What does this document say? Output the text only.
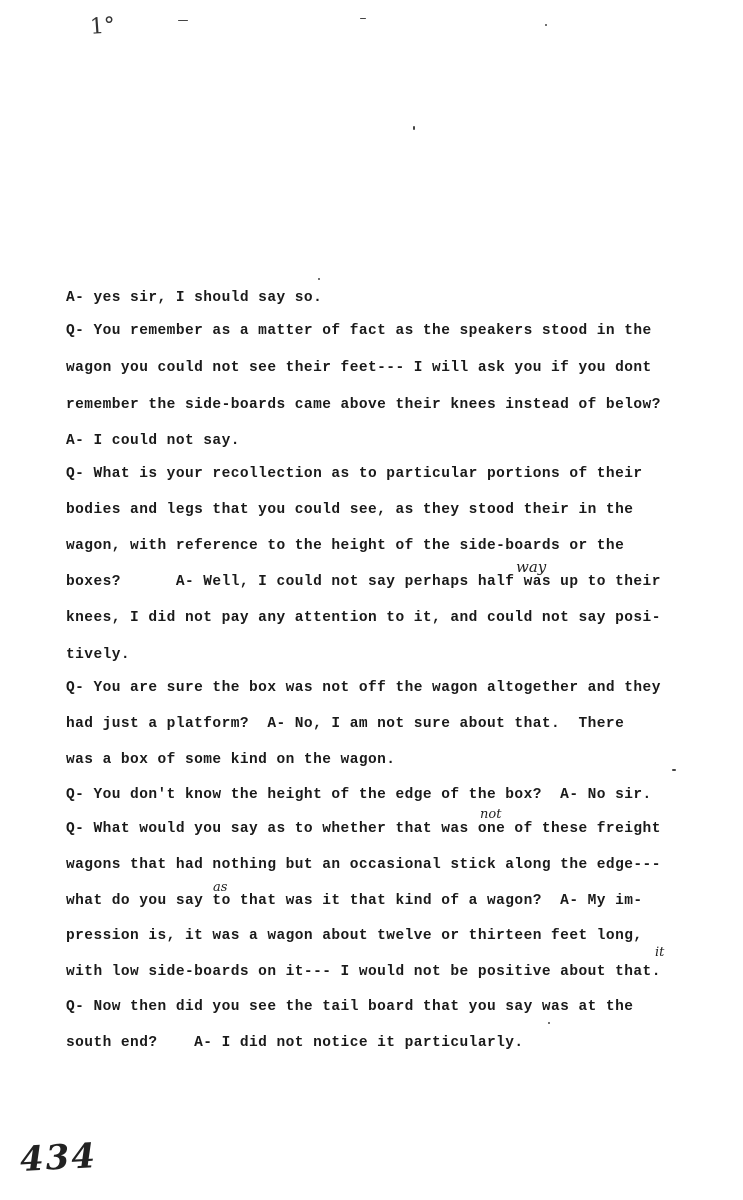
1°
A- yes sir, I should say so.
Q- You remember as a matter of fact as the speakers stood in the
wagon you could not see their feet--- I will ask you if you dont
remember the side-boards came above their knees instead of below?
A- I could not say.
Q- What is your recollection as to particular portions of their
bodies and legs that you could see, as they stood their in the
wagon, with reference to the height of the side-boards or the
boxes?      A- Well, I could not say perhaps half was up to their
knees, I did not pay any attention to it, and could not say posi-
tively.
Q- You are sure the box was not off the wagon altogether and they
had just a platform?  A- No, I am not sure about that.  There
was a box of some kind on the wagon.
Q- You don't know the height of the edge of the box?  A- No sir.
Q- What would you say as to whether that was one of these freight
wagons that had nothing but an occasional stick along the edge---
what do you say to that was it that kind of a wagon?  A- My im-
pression is, it was a wagon about twelve or thirteen feet long,
with low side-boards on it--- I would not be positive about that.
Q- Now then did you see the tail board that you say was at the
south end?    A- I did not notice it particularly.
way
not
as
it
434
